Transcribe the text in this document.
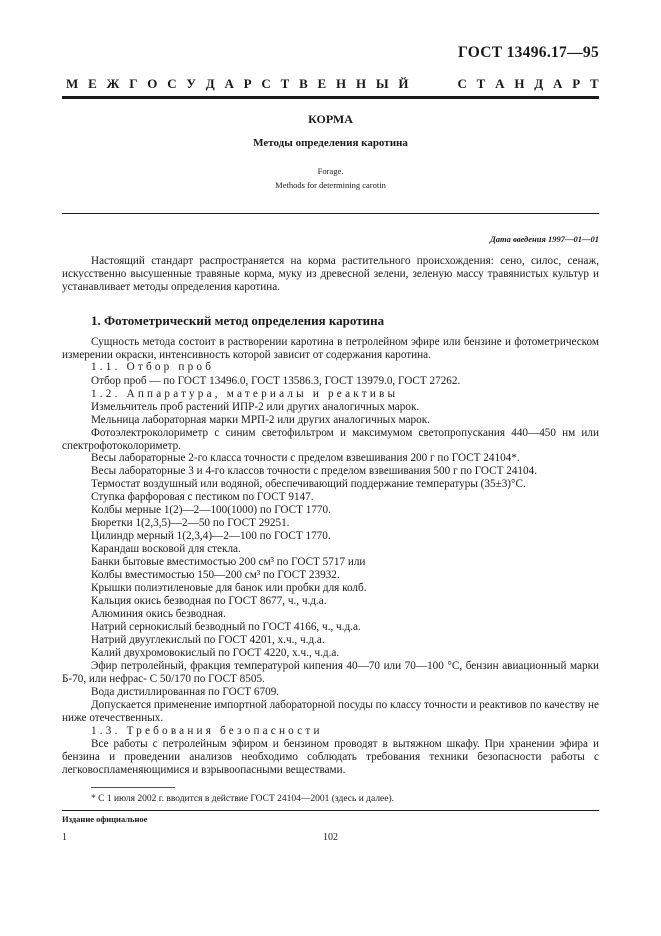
ГОСТ 13496.17—95
М Е Ж Г О С У Д А Р С Т В Е Н Н Ы Й

	С Т А Н Д А Р Т
КОРМА
Методы определения каротина
Forage.
Methods for determining carotin
Дата введения 1997—01—01
Настоящий стандарт распространяется на корма растительного происхождения: сено, силос, сенаж, искусственно высушенные травяные корма, муку из древесной зелени, зеленую массу травянистых культур и устанавливает методы определения каротина.
1. Фотометрический метод определения каротина
Сущность метода состоит в растворении каротина в петролейном эфире или бензине и фотометрическом измерении окраски, интенсивность которой зависит от содержания каротина.
1.1. Отбор проб
Отбор проб — по ГОСТ 13496.0, ГОСТ 13586.3, ГОСТ 13979.0, ГОСТ 27262.
1.2. Аппаратура, материалы и реактивы
Измельчитель проб растений ИПР-2 или других аналогичных марок.
Мельница лабораторная марки МРП-2 или других аналогичных марок.
Фотоэлектроколориметр с синим светофильтром и максимумом светопропускания 440—450 нм или спектрофотоколориметр.
Весы лабораторные 2-го класса точности с пределом взвешивания 200 г по ГОСТ 24104*.
Весы лабораторные 3 и 4-го классов точности с пределом взвешивания 500 г по ГОСТ 24104.
Термостат воздушный или водяной, обеспечивающий поддержание температуры (35±3)°С.
Ступка фарфоровая с пестиком по ГОСТ 9147.
Колбы мерные 1(2)—2—100(1000) по ГОСТ 1770.
Бюретки 1(2,3,5)—2—50 по ГОСТ 29251.
Цилиндр мерный 1(2,3,4)—2—100 по ГОСТ 1770.
Карандаш восковой для стекла.
Банки бытовые вместимостью 200 см³ по ГОСТ 5717 или
Колбы вместимостью 150—200 см³ по ГОСТ 23932.
Крышки полиэтиленовые для банок или пробки для колб.
Кальция окись безводная по ГОСТ 8677, ч., ч.д.а.
Алюминия окись безводная.
Натрий сернокислый безводный по ГОСТ 4166, ч., ч.д.а.
Натрий двууглекислый по ГОСТ 4201, х.ч., ч.д.а.
Калий двухромовокислый по ГОСТ 4220, х.ч., ч.д.а.
Эфир петролейный, фракция температурой кипения 40—70 или 70—100 °С, бензин авиационный марки Б-70, или нефрас- С 50/170 по ГОСТ 8505.
Вода дистиллированная по ГОСТ 6709.
Допускается применение импортной лабораторной посуды по классу точности и реактивов по качеству не ниже отечественных.
1.3. Требования безопасности
Все работы с петролейным эфиром и бензином проводят в вытяжном шкафу. При хранении эфира и бензина и проведении анализов необходимо соблюдать требования техники безопасности работы с легковоспламеняющимися и взрывоопасными веществами.
* С 1 июля 2002 г. вводится в действие ГОСТ 24104—2001 (здесь и далее).
Издание официальное
1	102
